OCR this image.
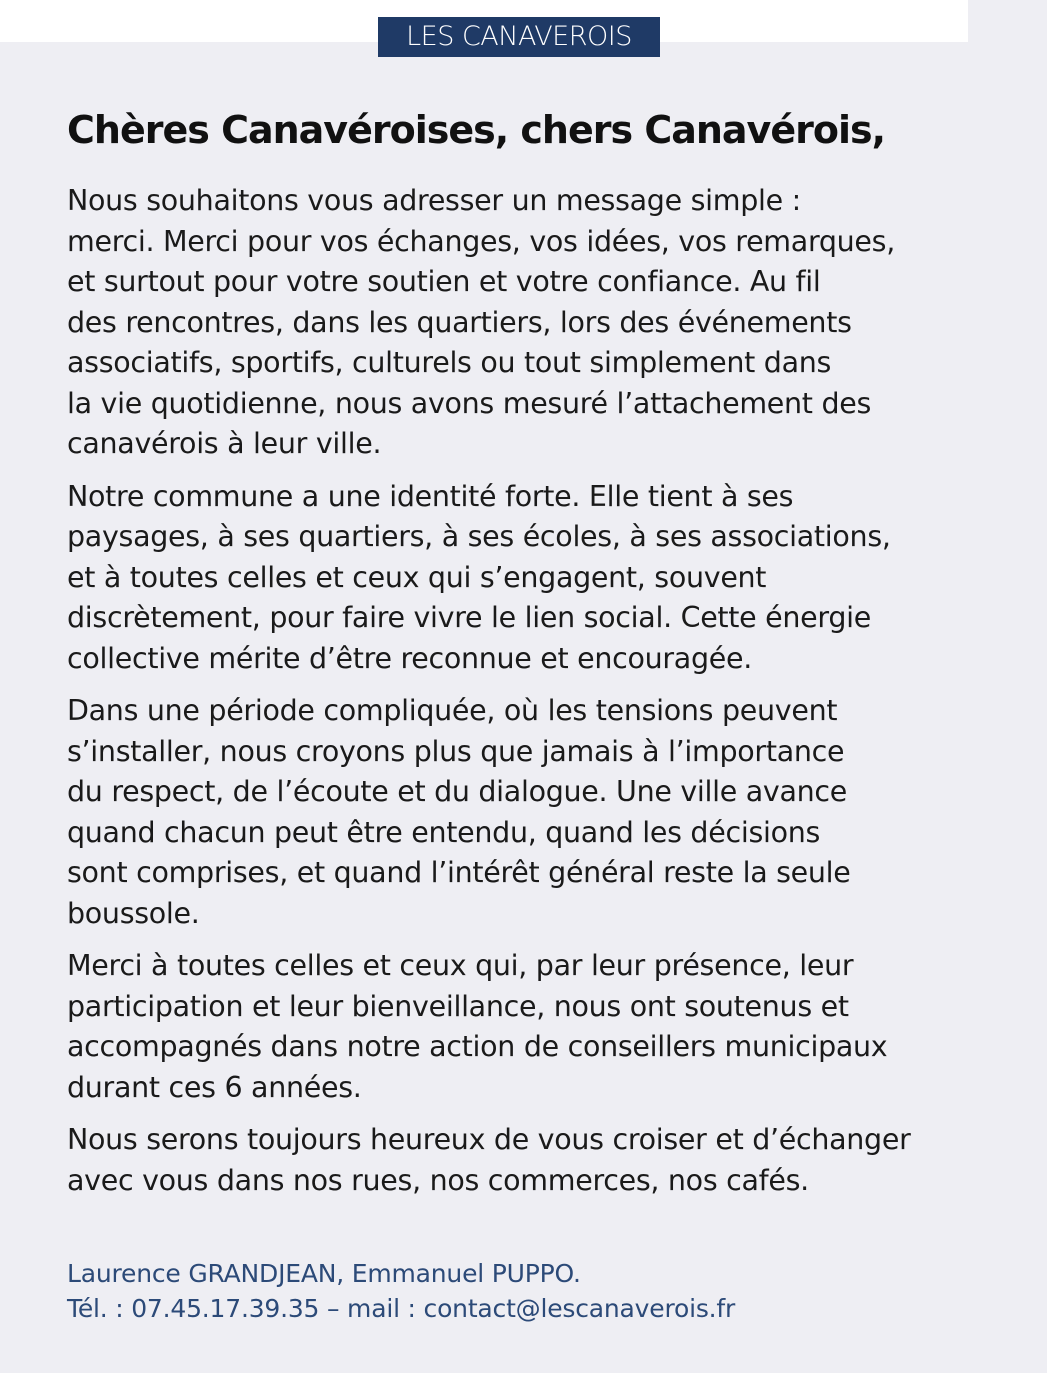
LES CANAVEROIS
Chères Canavéroises, chers Canavérois,

Nous souhaitons vous adresser un message simple :
merci. Merci pour vos échanges, vos idées, vos remarques,
et surtout pour votre soutien et votre confiance. Au fil
des rencontres, dans les quartiers, lors des événements
associatifs, sportifs, culturels ou tout simplement dans
la vie quotidienne, nous avons mesuré l’attachement des
canavérois à leur ville.

Notre commune a une identité forte. Elle tient à ses
paysages, à ses quartiers, à ses écoles, à ses associations,
et à toutes celles et ceux qui s’engagent, souvent
discrètement, pour faire vivre le lien social. Cette énergie
collective mérite d’être reconnue et encouragée.

Dans une période compliquée, où les tensions peuvent
s’installer, nous croyons plus que jamais à l’importance
du respect, de l’écoute et du dialogue. Une ville avance
quand chacun peut être entendu, quand les décisions
sont comprises, et quand l’intérêt général reste la seule
boussole.

Merci à toutes celles et ceux qui, par leur présence, leur
participation et leur bienveillance, nous ont soutenus et
accompagnés dans notre action de conseillers municipaux
durant ces 6 années.

Nous serons toujours heureux de vous croiser et d’échanger
avec vous dans nos rues, nos commerces, nos cafés.

Laurence GRANDJEAN, Emmanuel PUPPO.
Tél. : 07.45.17.39.35 – mail : contact@lescanaverois.fr
